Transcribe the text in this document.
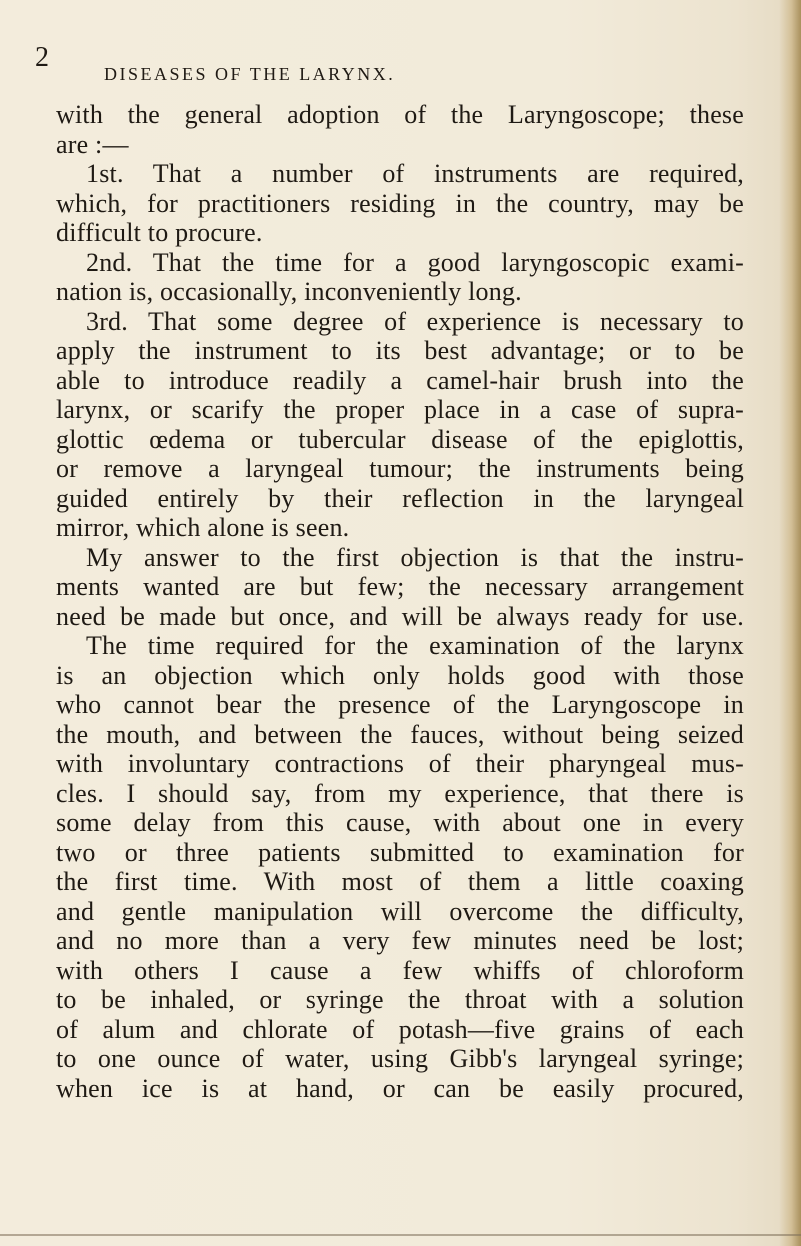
2
DISEASES OF THE LARYNX.
with the general adoption of the Laryngoscope; these
are :—
1st. That a number of instruments are required,
which, for practitioners residing in the country, may be
difficult to procure.
2nd. That the time for a good laryngoscopic exami-
nation is, occasionally, inconveniently long.
3rd. That some degree of experience is necessary to
apply the instrument to its best advantage; or to be
able to introduce readily a camel-hair brush into the
larynx, or scarify the proper place in a case of supra-
glottic œdema or tubercular disease of the epiglottis,
or remove a laryngeal tumour; the instruments being
guided entirely by their reflection in the laryngeal
mirror, which alone is seen.
My answer to the first objection is that the instru-
ments wanted are but few; the necessary arrangement
need be made but once, and will be always ready for use.
The time required for the examination of the larynx
is an objection which only holds good with those
who cannot bear the presence of the Laryngoscope in
the mouth, and between the fauces, without being seized
with involuntary contractions of their pharyngeal mus-
cles. I should say, from my experience, that there is
some delay from this cause, with about one in every
two or three patients submitted to examination for
the first time. With most of them a little coaxing
and gentle manipulation will overcome the difficulty,
and no more than a very few minutes need be lost;
with others I cause a few whiffs of chloroform
to be inhaled, or syringe the throat with a solution
of alum and chlorate of potash—five grains of each
to one ounce of water, using Gibb's laryngeal syringe;
when ice is at hand, or can be easily procured,
